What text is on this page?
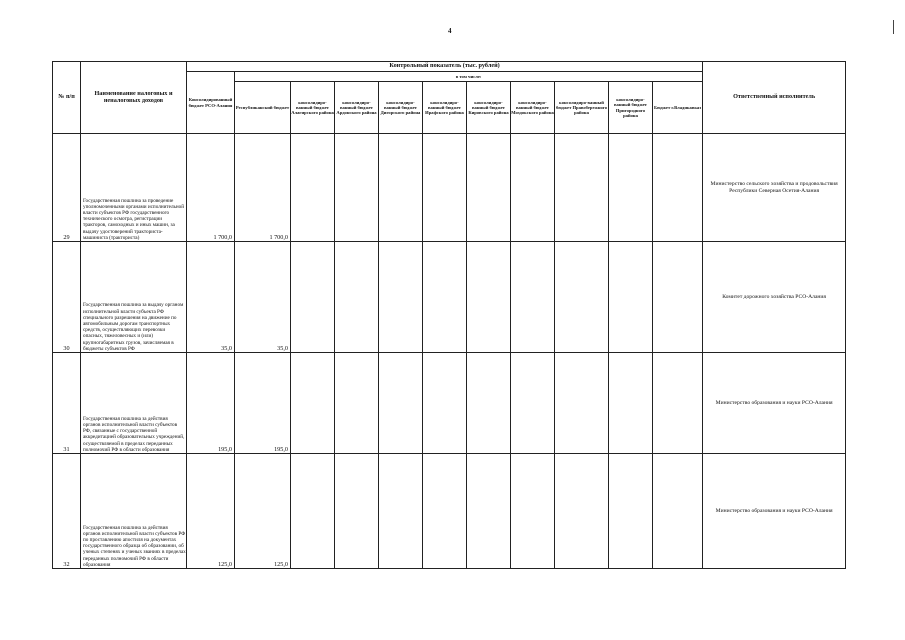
4
№ п/п	Наименование налоговых и неналоговых доходов	Контрольный показатель (тыс. рублей)											Ответственный исполнитель
		Консолидированный бюджет РСО-Алания	в том числе:										
			Республиканский бюджет	консолидиро-ванный бюджет Алагирского района	консолидиро-ванный бюджет Ардонского района	консолидиро-ванный бюджет Дигорского района	консолидиро-ванный бюджет Ирафского района	консолидиро-ванный бюджет Кировского района	консолидиро-ванный бюджет Моздокского района	консолидиро-ванный бюджет Правобережного района	консолидиро-ванный бюджет Пригородного района	Бюджет г.Владикавказ	
29	Государственная пошлина за проведение уполномоченными органами исполнительной власти субъектов РФ государственного технического осмотра, регистрации тракторов, самоходных и иных машин, за выдачу удостоверений тракториста-машиниста (тракториста)	1 700,0	1 700,0										Министерство сельского хозяйства и продовольствия Республики Северная Осетия-Алания
30	Государственная пошлина за выдачу органом исполнительной власти субъекта РФ специального разрешения на движение по автомобильным дорогам транспортных средств, осуществляющих перевозки опасных, тяжеловесных и (или) крупногабаритных грузов, зачисляемая в бюджеты субъектов РФ	35,0	35,0										Комитет дорожного хозяйства РСО-Алания
31	Государственная пошлина за действия органов исполнительной власти субъектов РФ, связанные с государственной аккредитацией образовательных учреждений, осуществляемой в пределах переданных полномочий РФ в области образования	195,0	195,0										Министерство образования и науки РСО-Алания
32	Государственная пошлина за действия органов исполнительной власти субъектов РФ по проставлению апостиля на документах государственного образца об образовании, об ученых степенях и ученых званиях в пределах переданных полномочий РФ в области образования	125,0	125,0										Министерство образования и науки РСО-Алания
